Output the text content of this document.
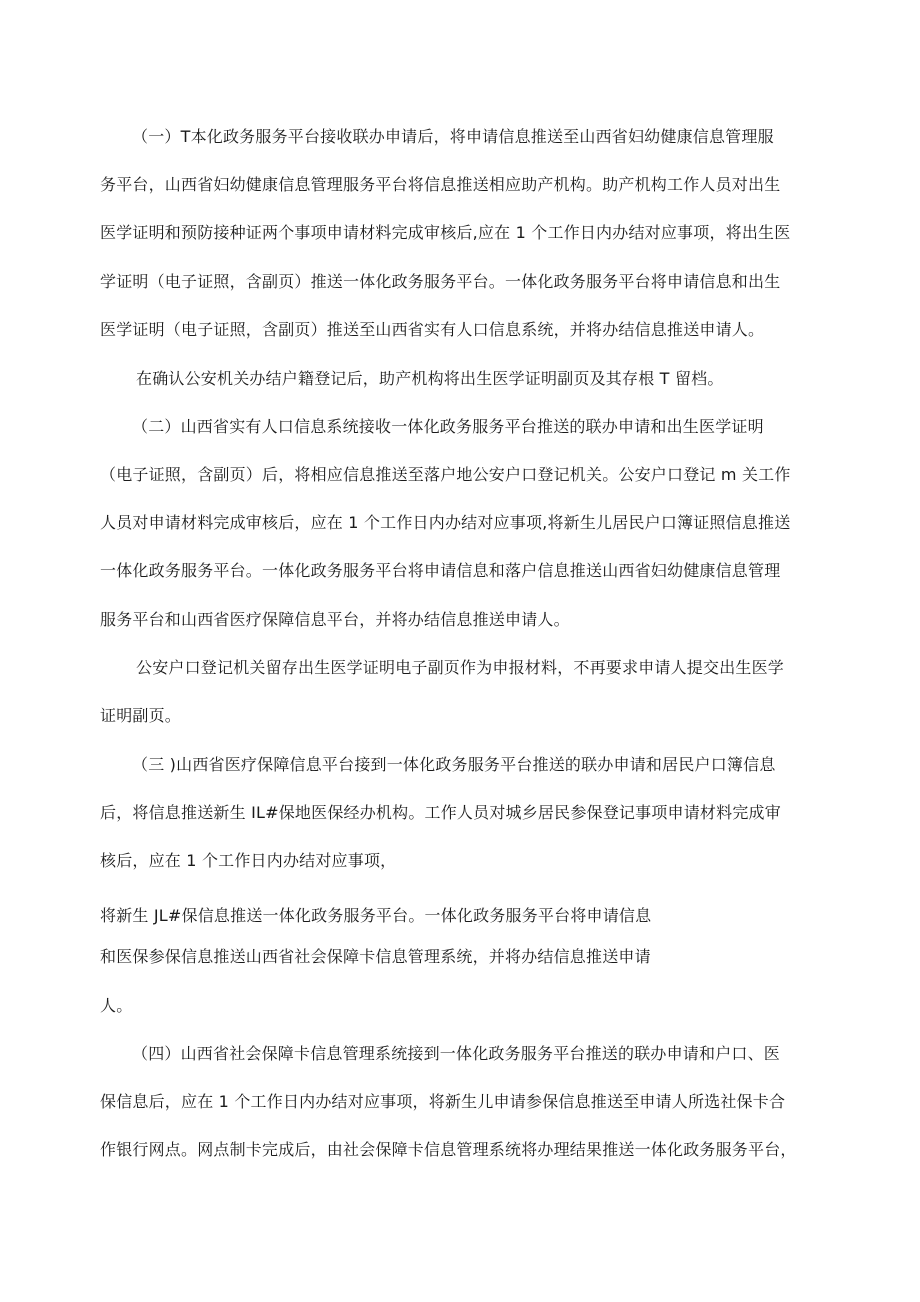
（一）T本化政务服务平台接收联办申请后，将申请信息推送至山西省妇幼健康信息管理服
务平台，山西省妇幼健康信息管理服务平台将信息推送相应助产机构。助产机构工作人员对出生
医学证明和预防接种证两个事项申请材料完成审核后,应在 1 个工作日内办结对应事项，将出生医
学证明（电子证照，含副页）推送一体化政务服务平台。一体化政务服务平台将申请信息和出生
医学证明（电子证照，含副页）推送至山西省实有人口信息系统，并将办结信息推送申请人。
在确认公安机关办结户籍登记后，助产机构将出生医学证明副页及其存根 T 留档。
（二）山西省实有人口信息系统接收一体化政务服务平台推送的联办申请和出生医学证明
（电子证照，含副页）后，将相应信息推送至落户地公安户口登记机关。公安户口登记 m 关工作
人员对申请材料完成审核后，应在 1 个工作日内办结对应事项,将新生儿居民户口簿证照信息推送
一体化政务服务平台。一体化政务服务平台将申请信息和落户信息推送山西省妇幼健康信息管理
服务平台和山西省医疗保障信息平台，并将办结信息推送申请人。
公安户口登记机关留存出生医学证明电子副页作为申报材料，不再要求申请人提交出生医学
证明副页。
（三 )山西省医疗保障信息平台接到一体化政务服务平台推送的联办申请和居民户口簿信息
后，将信息推送新生 IL#保地医保经办机构。工作人员对城乡居民参保登记事项申请材料完成审
核后，应在 1 个工作日内办结对应事项，
将新生 JL#保信息推送一体化政务服务平台。一体化政务服务平台将申请信息
和医保参保信息推送山西省社会保障卡信息管理系统，并将办结信息推送申请
人。
（四）山西省社会保障卡信息管理系统接到一体化政务服务平台推送的联办申请和户口、医
保信息后，应在 1 个工作日内办结对应事项，将新生儿申请参保信息推送至申请人所选社保卡合
作银行网点。网点制卡完成后，由社会保障卡信息管理系统将办理结果推送一体化政务服务平台，
